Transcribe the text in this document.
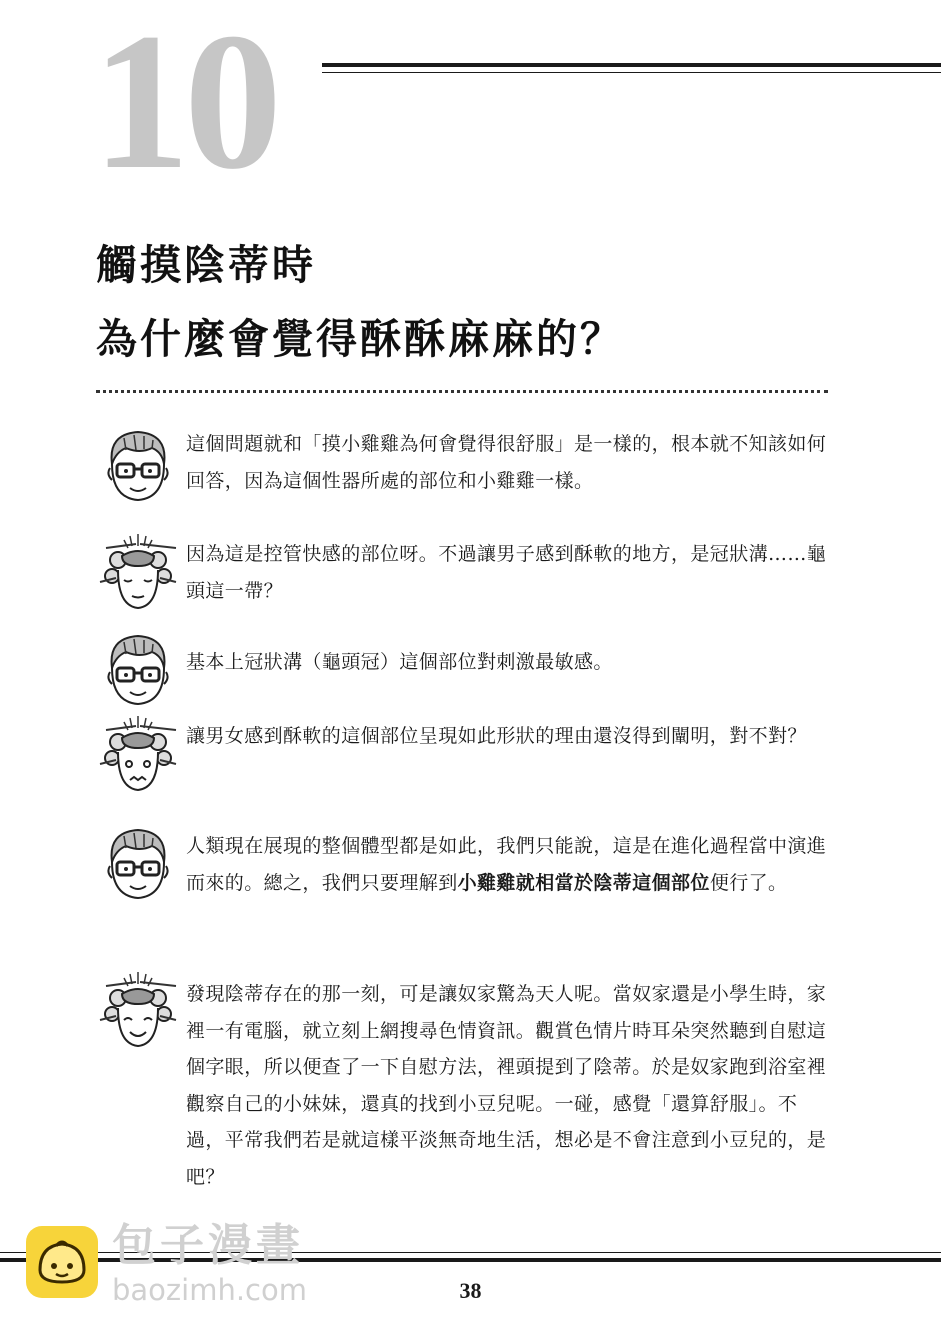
10
觸摸陰蒂時
為什麼會覺得酥酥麻麻的？
這個問題就和「摸小雞雞為何會覺得很舒服」是一樣的，根本就不知該如何回答，因為這個性器所處的部位和小雞雞一樣。
因為這是控管快感的部位呀。不過讓男子感到酥軟的地方，是冠狀溝……龜頭這一帶？
基本上冠狀溝（龜頭冠）這個部位對刺激最敏感。
讓男女感到酥軟的這個部位呈現如此形狀的理由還沒得到闡明，對不對？
人類現在展現的整個體型都是如此，我們只能說，這是在進化過程當中演進而來的。總之，我們只要理解到小雞雞就相當於陰蒂這個部位便行了。
發現陰蒂存在的那一刻，可是讓奴家驚為天人呢。當奴家還是小學生時，家裡一有電腦，就立刻上網搜尋色情資訊。觀賞色情片時耳朵突然聽到自慰這個字眼，所以便查了一下自慰方法，裡頭提到了陰蒂。於是奴家跑到浴室裡觀察自己的小妹妹，還真的找到小豆兒呢。一碰，感覺「還算舒服」。不過，平常我們若是就這樣平淡無奇地生活，想必是不會注意到小豆兒的，是吧？
包子漫畫
baozimh.com	38
